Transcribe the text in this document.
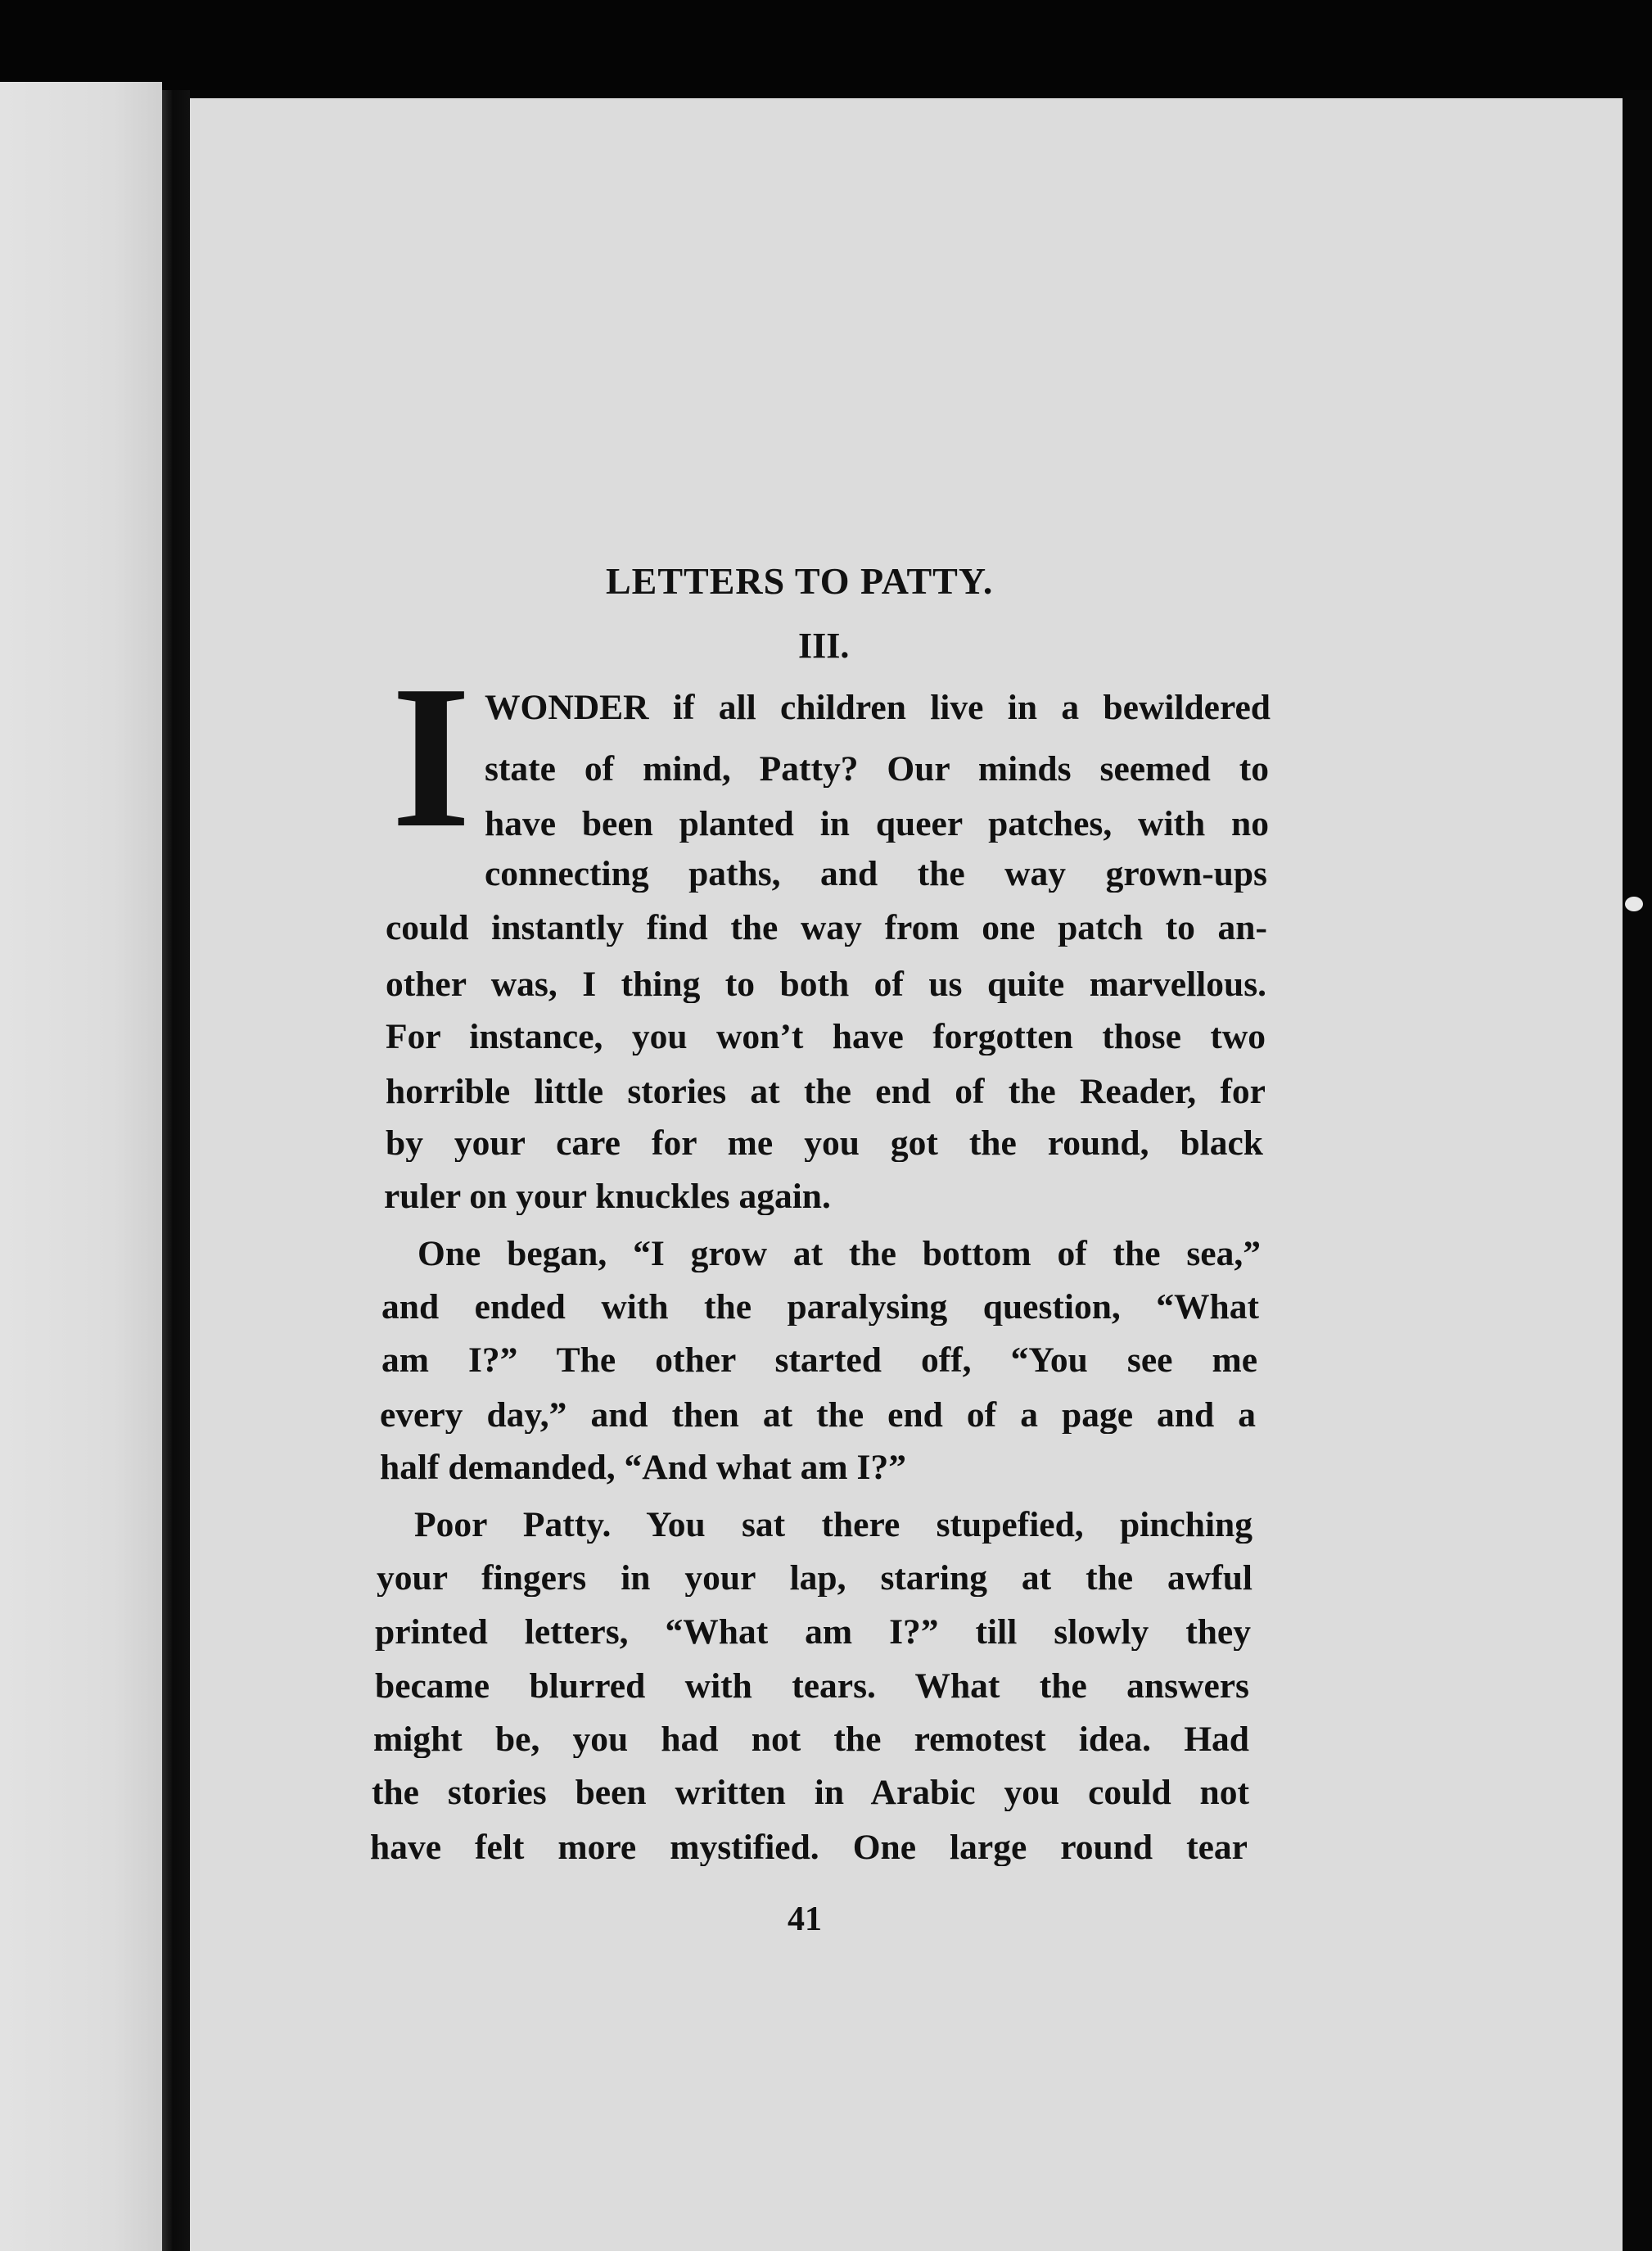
LETTERS TO PATTY.
III.
I WONDER if all children live in a bewildered
state of mind, Patty? Our minds seemed to
have been planted in queer patches, with no
connecting paths, and the way grown-ups
could instantly find the way from one patch to an-
other was, I thing to both of us quite marvellous.
For instance, you won’t have forgotten those two
horrible little stories at the end of the Reader, for
by your care for me you got the round, black
ruler on your knuckles again.
One began, “I grow at the bottom of the sea,”
and ended with the paralysing question, “What
am I?” The other started off, “You see me
every day,” and then at the end of a page and a
half demanded, “And what am I?”
Poor Patty. You sat there stupefied, pinching
your fingers in your lap, staring at the awful
printed letters, “What am I?” till slowly they
became blurred with tears. What the answers
might be, you had not the remotest idea. Had
the stories been written in Arabic you could not
have felt more mystified. One large round tear
41
